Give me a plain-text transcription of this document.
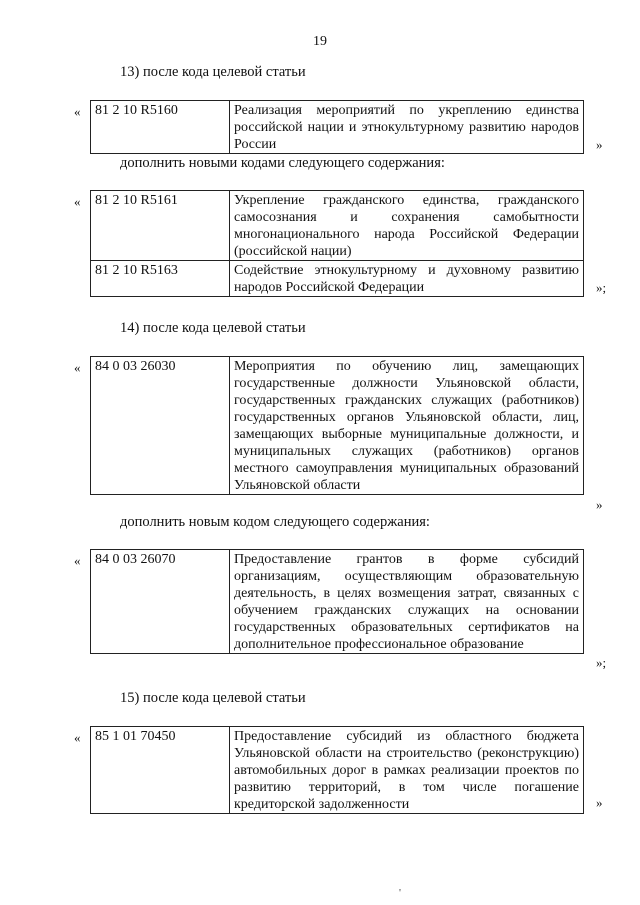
19
13) после кода целевой статьи
« 81 2 10 R5160	Реализация мероприятий по укреплению единства российской нации и этнокультурному развитию народов России	»
дополнить новыми кодами следующего содержания:
« 81 2 10 R5161	Укрепление гражданского единства, гражданского самосознания и сохранения самобытности многонационального народа Российской Федерации (российской нации)

81 2 10 R5163	Содействие этнокультурному и духовному развитию народов Российской Федерации	»;
14) после кода целевой статьи
« 84 0 03 26030	Мероприятия по обучению лиц, замещающих государственные должности Ульяновской области, государственных гражданских служащих (работников) государственных органов Ульяновской области, лиц, замещающих выборные муниципальные должности, и муниципальных служащих (работников) органов местного самоуправления муниципальных образований Ульяновской области
»
дополнить новым кодом следующего содержания:
« 84 0 03 26070	Предоставление грантов в форме субсидий организациям, осуществляющим образовательную деятельность, в целях возмещения затрат, связанных с обучением гражданских служащих на основании государственных образовательных сертификатов на дополнительное профессиональное образование
»;
15) после кода целевой статьи
« 85 1 01 70450	Предоставление субсидий из областного бюджета Ульяновской области на строительство (реконструкцию) автомобильных дорог в рамках реализации проектов по развитию территорий, в том числе погашение кредиторской задолженности	»
'
